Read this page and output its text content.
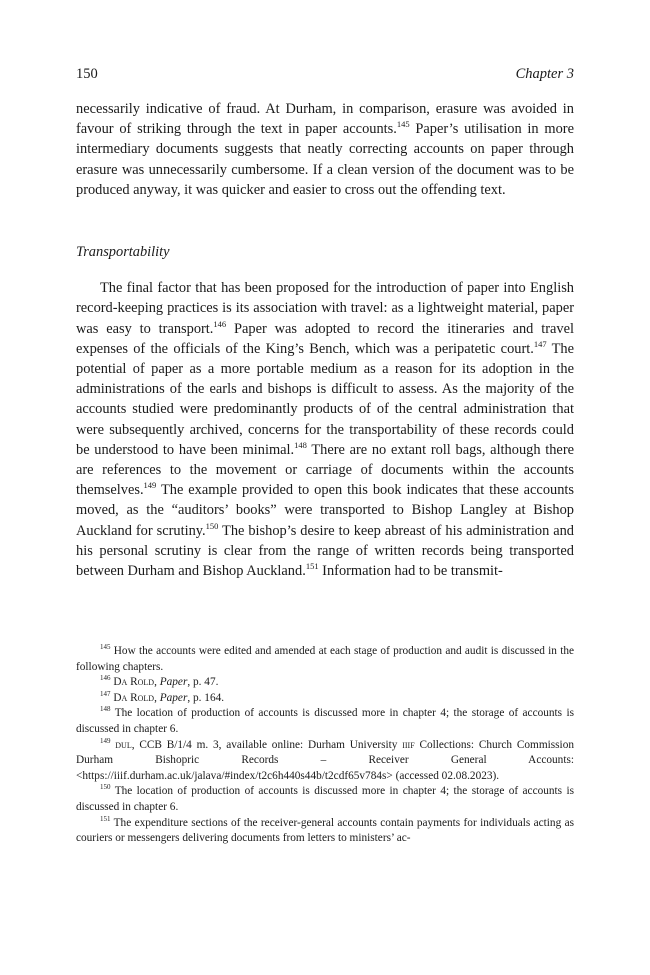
150	Chapter 3

necessarily indicative of fraud. At Durham, in comparison, erasure was avoided in favour of striking through the text in paper accounts.$^{145}$ Paper’s utilisation in more intermediary documents suggests that neatly correcting accounts on paper through erasure was unnecessarily cumbersome. If a clean version of the document was to be produced anyway, it was quicker and easier to cross out the offending text.

Transportability

The final factor that has been proposed for the introduction of paper into English record-keeping practices is its association with travel: as a lightweight material, paper was easy to transport.$^{146}$ Paper was adopted to record the itineraries and travel expenses of the officials of the King’s Bench, which was a peripatetic court.$^{147}$ The potential of paper as a more portable medium as a reason for its adoption in the administrations of the earls and bishops is difficult to assess. As the majority of the accounts studied were predominantly products of of the central administration that were subsequently archived, concerns for the transportability of these records could be understood to have been minimal.$^{148}$ There are no extant roll bags, although there are references to the movement or carriage of documents within the accounts themselves.$^{149}$ The example provided to open this book indicates that these accounts moved, as the “auditors’ books” were transported to Bishop Langley at Bishop Auckland for scrutiny.$^{150}$ The bishop’s desire to keep abreast of his administration and his personal scrutiny is clear from the range of written records being transported between Durham and Bishop Auckland.$^{151}$ Information had to be transmit-

$^{145}$ How the accounts were edited and amended at each stage of production and audit is discussed in the following chapters.

$^{146}$ Da Rold, Paper, p. 47.

$^{147}$ Da Rold, Paper, p. 164.

$^{148}$ The location of production of accounts is discussed more in chapter 4; the storage of accounts is discussed in chapter 6.

$^{149}$ dul, CCB B/1/4 m. 3, available online: Durham University iiif Collections: Church Commission Durham Bishopric Records – Receiver General Accounts: <https://iiif.durham.ac.uk/jalava/#index/t2c6h440s44b/t2cdf65v784s> (accessed 02.08.2023).

$^{150}$ The location of production of accounts is discussed more in chapter 4; the storage of accounts is discussed in chapter 6.

$^{151}$ The expenditure sections of the receiver-general accounts contain payments for individuals acting as couriers or messengers delivering documents from letters to ministers’ ac-
